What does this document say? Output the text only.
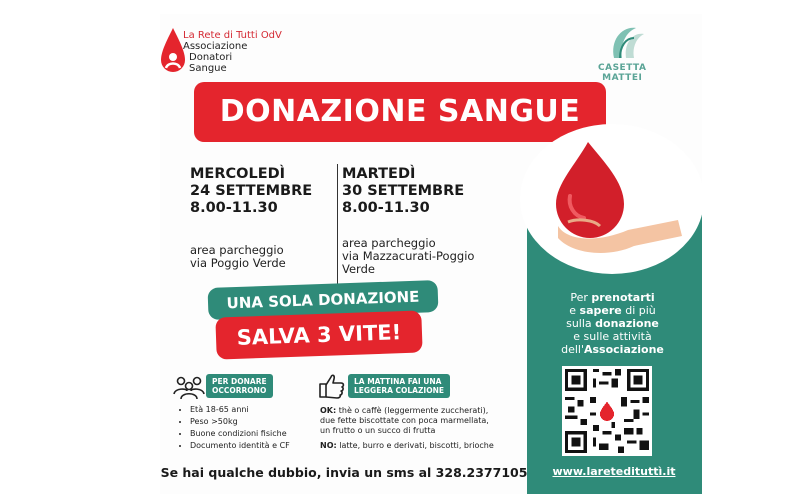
La Rete di Tutti OdV
Associazione
Donatori
Sangue	CASETTA
MATTEI
DONAZIONE SANGUE
MERCOLEDÌ
24 SETTEMBRE
8.00-11.30
area parcheggio
via Poggio Verde
MARTEDÌ
30 SETTEMBRE
8.00-11.30
area parcheggio
via Mazzacurati-Poggio
Verde
UNA SOLA DONAZIONE
SALVA 3 VITE!
Per prenotarti
e sapere di più
sulla donazione
e sulle attività
dell'Associazione
PER DONARE
OCCORRONO
• Età 18-65 anni
• Peso >50kg
• Buone condizioni fisiche
• Documento identità e CF
LA MATTINA FAI UNA
LEGGERA COLAZIONE
OK: thè o caffè (leggermente zuccherati),
due fette biscottate con poca marmellata,
un frutto o un succo di frutta
NO: latte, burro e derivati, biscotti, brioche
Se hai qualche dubbio, invia un sms al 328.2377105	www.laretedituttì.it
